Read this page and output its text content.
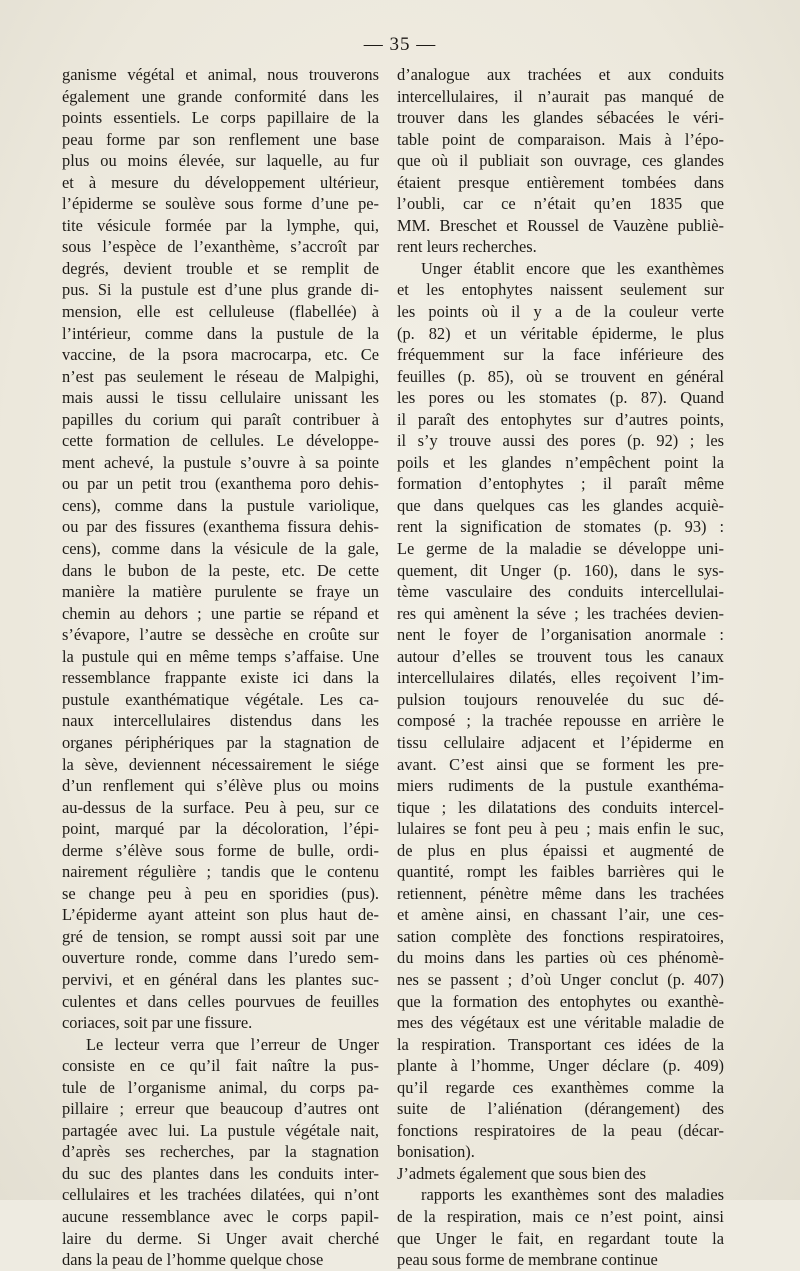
— 35 —
ganisme végétal et animal, nous trouverons
également une grande conformité dans les
points essentiels. Le corps papillaire de la
peau forme par son renflement une base
plus ou moins élevée, sur laquelle, au fur
et à mesure du développement ultérieur,
l’épiderme se soulève sous forme d’une pe-
tite vésicule formée par la lymphe, qui,
sous l’espèce de l’exanthème, s’accroît par
degrés, devient trouble et se remplit de
pus. Si la pustule est d’une plus grande di-
mension, elle est celluleuse (flabellée) à
l’intérieur, comme dans la pustule de la
vaccine, de la psora macrocarpa, etc. Ce
n’est pas seulement le réseau de Malpighi,
mais aussi le tissu cellulaire unissant les
papilles du corium qui paraît contribuer à
cette formation de cellules. Le développe-
ment achevé, la pustule s’ouvre à sa pointe
ou par un petit trou (exanthema poro dehis-
cens), comme dans la pustule variolique,
ou par des fissures (exanthema fissura dehis-
cens), comme dans la vésicule de la gale,
dans le bubon de la peste, etc. De cette
manière la matière purulente se fraye un
chemin au dehors ; une partie se répand et
s’évapore, l’autre se dessèche en croûte sur
la pustule qui en même temps s’affaise. Une
ressemblance frappante existe ici dans la
pustule exanthématique végétale. Les ca-
naux intercellulaires distendus dans les
organes périphériques par la stagnation de
la sève, deviennent nécessairement le siége
d’un renflement qui s’élève plus ou moins
au-dessus de la surface. Peu à peu, sur ce
point, marqué par la décoloration, l’épi-
derme s’élève sous forme de bulle, ordi-
nairement régulière ; tandis que le contenu
se change peu à peu en sporidies (pus).
L’épiderme ayant atteint son plus haut de-
gré de tension, se rompt aussi soit par une
ouverture ronde, comme dans l’uredo sem-
pervivi, et en général dans les plantes suc-
culentes et dans celles pourvues de feuilles
coriaces, soit par une fissure.
Le lecteur verra que l’erreur de Unger
consiste en ce qu’il fait naître la pus-
tule de l’organisme animal, du corps pa-
pillaire ; erreur que beaucoup d’autres ont
partagée avec lui. La pustule végétale nait,
d’après ses recherches, par la stagnation
du suc des plantes dans les conduits inter-
cellulaires et les trachées dilatées, qui n’ont
aucune ressemblance avec le corps papil-
laire du derme. Si Unger avait cherché
dans la peau de l’homme quelque chose
d’analogue aux trachées et aux conduits
intercellulaires, il n’aurait pas manqué de
trouver dans les glandes sébacées le véri-
table point de comparaison. Mais à l’épo-
que où il publiait son ouvrage, ces glandes
étaient presque entièrement tombées dans
l’oubli, car ce n’était qu’en 1835 que
MM. Breschet et Roussel de Vauzène publiè-
rent leurs recherches.
Unger établit encore que les exanthèmes
et les entophytes naissent seulement sur
les points où il y a de la couleur verte
(p. 82) et un véritable épiderme, le plus
fréquemment sur la face inférieure des
feuilles (p. 85), où se trouvent en général
les pores ou les stomates (p. 87). Quand
il paraît des entophytes sur d’autres points,
il s’y trouve aussi des pores (p. 92) ; les
poils et les glandes n’empêchent point la
formation d’entophytes ; il paraît même
que dans quelques cas les glandes acquiè-
rent la signification de stomates (p. 93) :
Le germe de la maladie se développe uni-
quement, dit Unger (p. 160), dans le sys-
tème vasculaire des conduits intercellulai-
res qui amènent la séve ; les trachées devien-
nent le foyer de l’organisation anormale :
autour d’elles se trouvent tous les canaux
intercellulaires dilatés, elles reçoivent l’im-
pulsion toujours renouvelée du suc dé-
composé ; la trachée repousse en arrière le
tissu cellulaire adjacent et l’épiderme en
avant. C’est ainsi que se forment les pre-
miers rudiments de la pustule exanthéma-
tique ; les dilatations des conduits intercel-
lulaires se font peu à peu ; mais enfin le suc,
de plus en plus épaissi et augmenté de
quantité, rompt les faibles barrières qui le
retiennent, pénètre même dans les trachées
et amène ainsi, en chassant l’air, une ces-
sation complète des fonctions respiratoires,
du moins dans les parties où ces phénomè-
nes se passent ; d’où Unger conclut (p. 407)
que la formation des entophytes ou exanthè-
mes des végétaux est une véritable maladie de
la respiration. Transportant ces idées de la
plante à l’homme, Unger déclare (p. 409)
qu’il regarde ces exanthèmes comme la
suite de l’aliénation (dérangement) des
fonctions respiratoires de la peau (décar-
bonisation).
J’admets également que sous bien des
rapports les exanthèmes sont des maladies
de la respiration, mais ce n’est point, ainsi
que Unger le fait, en regardant toute la
peau sous forme de membrane continue
